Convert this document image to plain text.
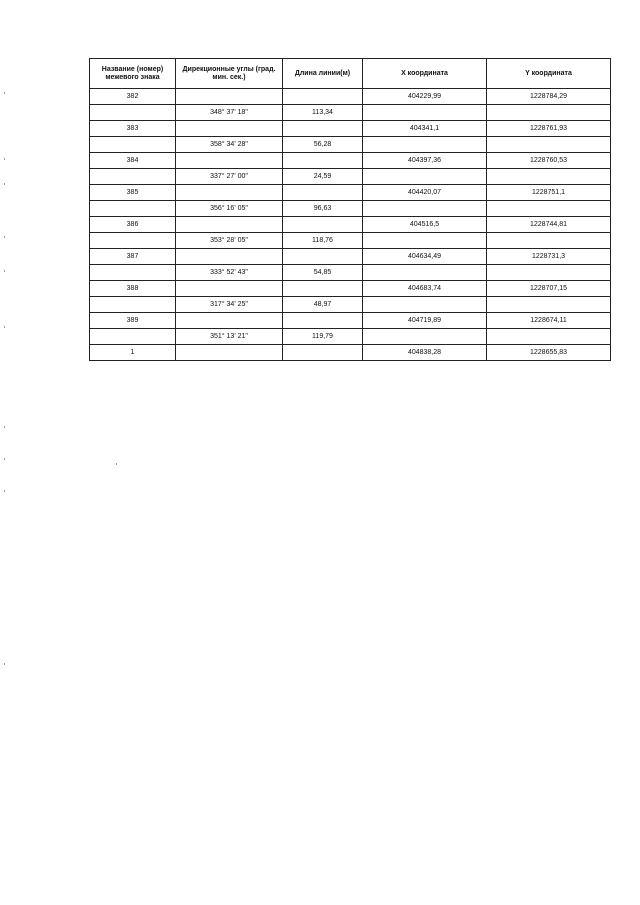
Название (номер) межевого знака	Дирекционные углы (град. мин. сек.)	Длина линии(м)	X координата	Y координата
382			404229,99	1228784,29
	348° 37' 18"	113,34		
383			404341,1	1228761,93
	358° 34' 28"	56,28		
384			404397,36	1228760,53
	337° 27' 00"	24,59		
385			404420,07	1228751,1
	356° 16' 05"	96,63		
386			404516,5	1228744,81
	353° 28' 05"	118,76		
387			404634,49	1228731,3
	333° 52' 43"	54,85		
388			404683,74	1228707,15
	317° 34' 25"	48,97		
389			404719,89	1228674,11
	351° 13' 21"	119,79		
1			404838,28	1228655,83
